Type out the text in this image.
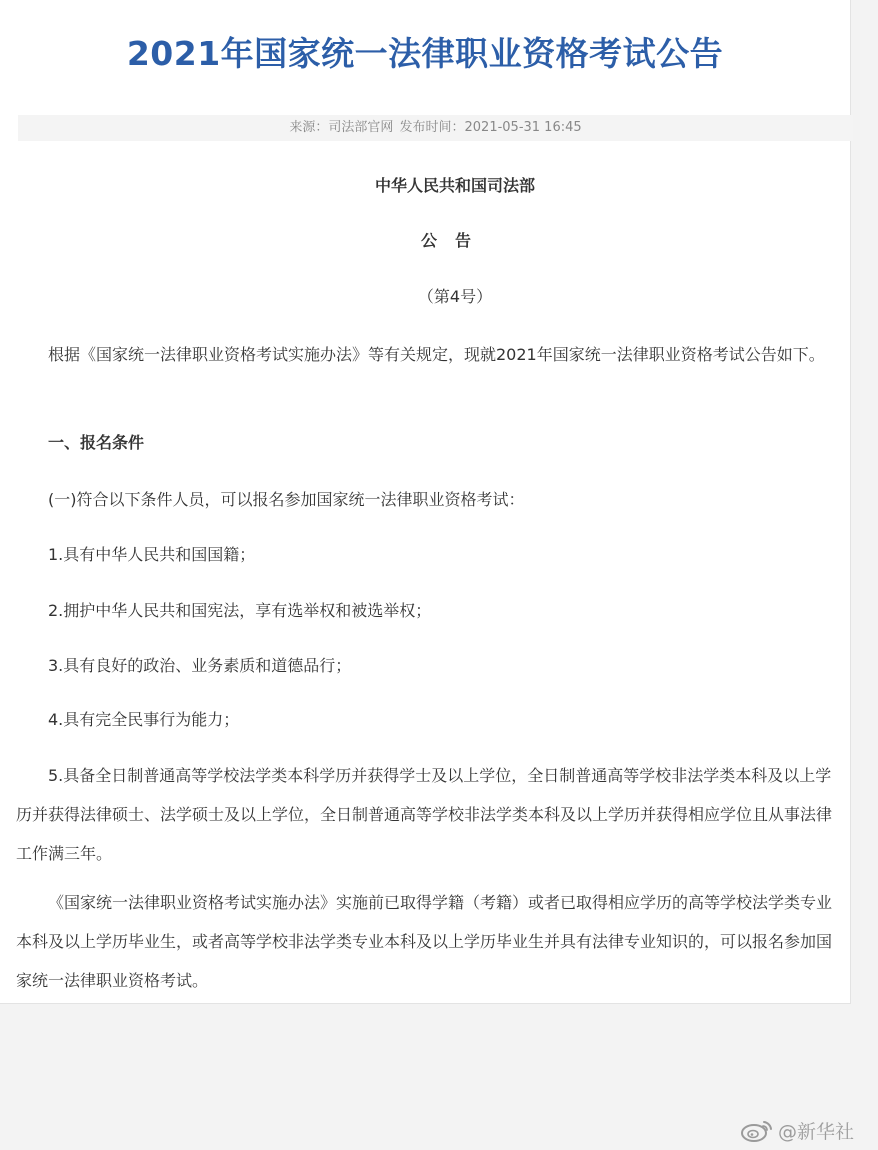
2021年国家统一法律职业资格考试公告
来源：司法部官网 发布时间：2021-05-31 16:45
中华人民共和国司法部
公告
（第4号）

根据《国家统一法律职业资格考试实施办法》等有关规定，现就2021年国家统一法律职业资格考试公告如下。

一、报名条件

(一)符合以下条件人员，可以报名参加国家统一法律职业资格考试：

1.具有中华人民共和国国籍；

2.拥护中华人民共和国宪法，享有选举权和被选举权；

3.具有良好的政治、业务素质和道德品行；

4.具有完全民事行为能力；

5.具备全日制普通高等学校法学类本科学历并获得学士及以上学位，全日制普通高等学校非法学类本科及以上学历并获得法律硕士、法学硕士及以上学位，全日制普通高等学校非法学类本科及以上学历并获得相应学位且从事法律工作满三年。

《国家统一法律职业资格考试实施办法》实施前已取得学籍（考籍）或者已取得相应学历的高等学校法学类专业本科及以上学历毕业生，或者高等学校非法学类专业本科及以上学历毕业生并具有法律专业知识的，可以报名参加国家统一法律职业资格考试。

@新华社
